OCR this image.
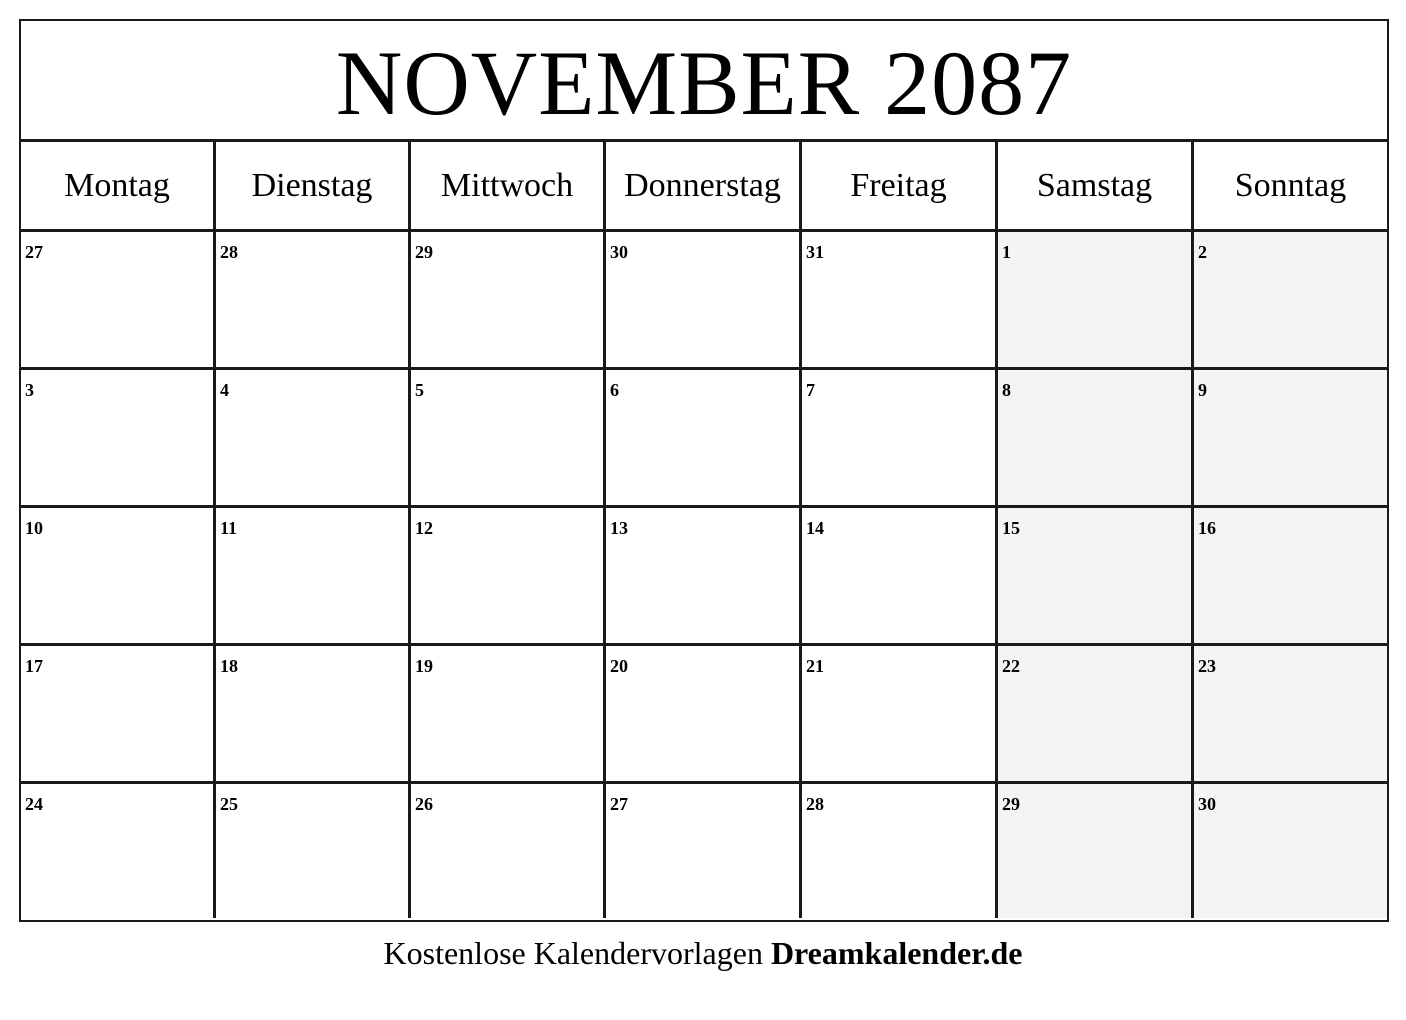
NOVEMBER 2087
Montag	Dienstag	Mittwoch	Donnerstag	Freitag	Samstag	Sonntag
27	28	29	30	31	1	2
3	4	5	6	7	8	9
10	11	12	13	14	15	16
17	18	19	20	21	22	23
24	25	26	27	28	29	30
Kostenlose Kalendervorlagen Dreamkalender.de
